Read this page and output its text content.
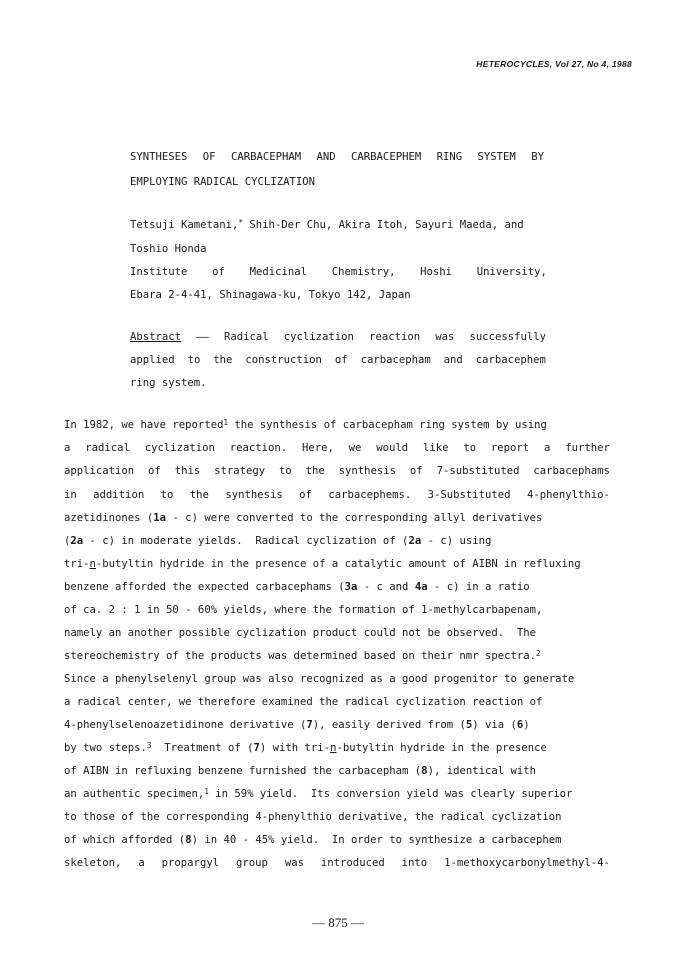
HETEROCYCLES, Vol 27, No 4, 1988
SYNTHESES OF CARBACEPHAM AND CARBACEPHEM RING SYSTEM BY
EMPLOYING RADICAL CYCLIZATION
Tetsuji Kametani,* Shih-Der Chu, Akira Itoh, Sayuri Maeda, and
Toshio Honda
Institute of Medicinal Chemistry, Hoshi University,
Ebara 2-4-41, Shinagawa-ku, Tokyo 142, Japan
Abstract —— Radical cyclization reaction was successfully
applied to the construction of carbacepham and carbacephem
ring system.
In 1982, we have reported$^1$ the synthesis of carbacepham ring system by using
a radical cyclization reaction. Here, we would like to report a further
application of this strategy to the synthesis of 7-substituted carbacephams
in addition to the synthesis of carbacephems. 3-Substituted 4-phenylthio-
azetidinones (1a - c) were converted to the corresponding allyl derivatives
(2a - c) in moderate yields.  Radical cyclization of (2a - c) using
tri-n-butyltin hydride in the presence of a catalytic amount of AIBN in refluxing
benzene afforded the expected carbacephams (3a - c and 4a - c) in a ratio
of ca. 2 : 1 in 50 - 60% yields, where the formation of 1-methylcarbapenam,
namely an another possible cyclization product could not be observed.  The
stereochemistry of the products was determined based on their nmr spectra.$^2$
Since a phenylselenyl group was also recognized as a good progenitor to generate
a radical center, we therefore examined the radical cyclization reaction of
4-phenylselenoazetidinone derivative (7), easily derived from (5) via (6)
by two steps.$^3$  Treatment of (7) with tri-n-butyltin hydride in the presence
of AIBN in refluxing benzene furnished the carbacepham (8), identical with
an authentic specimen,$^1$ in 59% yield.  Its conversion yield was clearly superior
to those of the corresponding 4-phenylthio derivative, the radical cyclization
of which afforded (8) in 40 - 45% yield.  In order to synthesize a carbacephem
skeleton, a propargyl group was introduced into 1-methoxycarbonylmethyl-4-
— 875 —
